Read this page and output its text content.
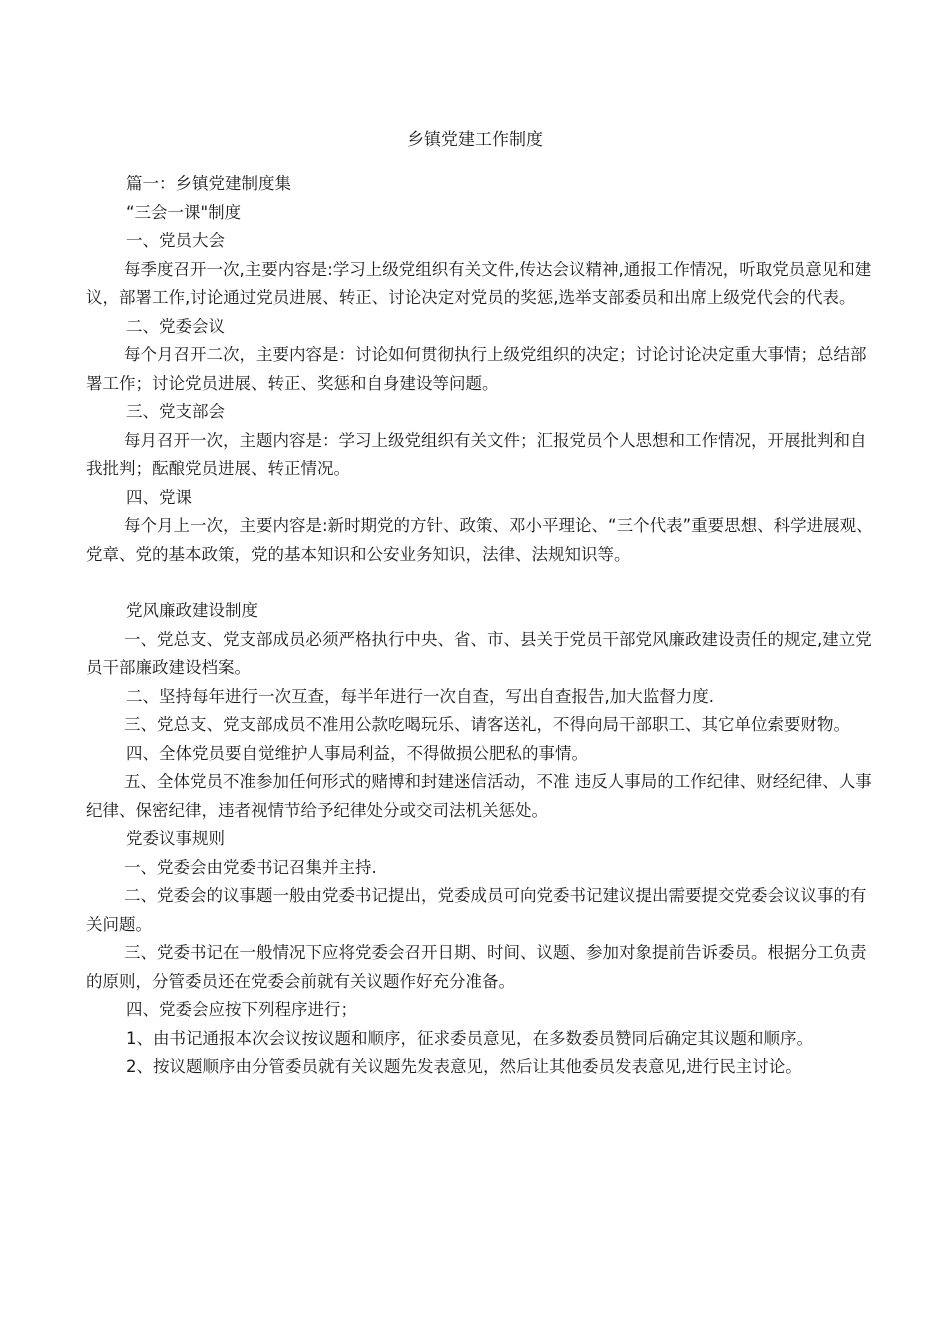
乡镇党建工作制度

篇一：乡镇党建制度集

“三会一课"制度

一、党员大会

每季度召开一次,主要内容是:学习上级党组织有关文件,传达会议精神,通报工作情况，听取党员意见和建议，部署工作,讨论通过党员进展、转正、讨论决定对党员的奖惩,选举支部委员和出席上级党代会的代表。

二、党委会议

每个月召开二次，主要内容是：讨论如何贯彻执行上级党组织的决定；讨论讨论决定重大事情；总结部署工作；讨论党员进展、转正、奖惩和自身建设等问题。

三、党支部会

每月召开一次，主题内容是：学习上级党组织有关文件；汇报党员个人思想和工作情况，开展批判和自我批判；酝酿党员进展、转正情况。

四、党课

每个月上一次，主要内容是:新时期党的方针、政策、邓小平理论、“三个代表”重要思想、科学进展观、党章、党的基本政策，党的基本知识和公安业务知识，法律、法规知识等。

党风廉政建设制度

一、党总支、党支部成员必须严格执行中央、省、市、县关于党员干部党风廉政建设责任的规定,建立党员干部廉政建设档案。

二、坚持每年进行一次互查，每半年进行一次自查，写出自查报告,加大监督力度.

三、党总支、党支部成员不准用公款吃喝玩乐、请客送礼，不得向局干部职工、其它单位索要财物。

四、全体党员要自觉维护人事局利益，不得做损公肥私的事情。

五、全体党员不准参加任何形式的赌博和封建迷信活动，不准 违反人事局的工作纪律、财经纪律、人事纪律、保密纪律，违者视情节给予纪律处分或交司法机关惩处。

党委议事规则

一、党委会由党委书记召集并主持.

二、党委会的议事题一般由党委书记提出，党委成员可向党委书记建议提出需要提交党委会议议事的有关问题。

三、党委书记在一般情况下应将党委会召开日期、时间、议题、参加对象提前告诉委员。根据分工负责的原则，分管委员还在党委会前就有关议题作好充分准备。

四、党委会应按下列程序进行；

1、由书记通报本次会议按议题和顺序，征求委员意见，在多数委员赞同后确定其议题和顺序。

2、按议题顺序由分管委员就有关议题先发表意见，然后让其他委员发表意见,进行民主讨论。
